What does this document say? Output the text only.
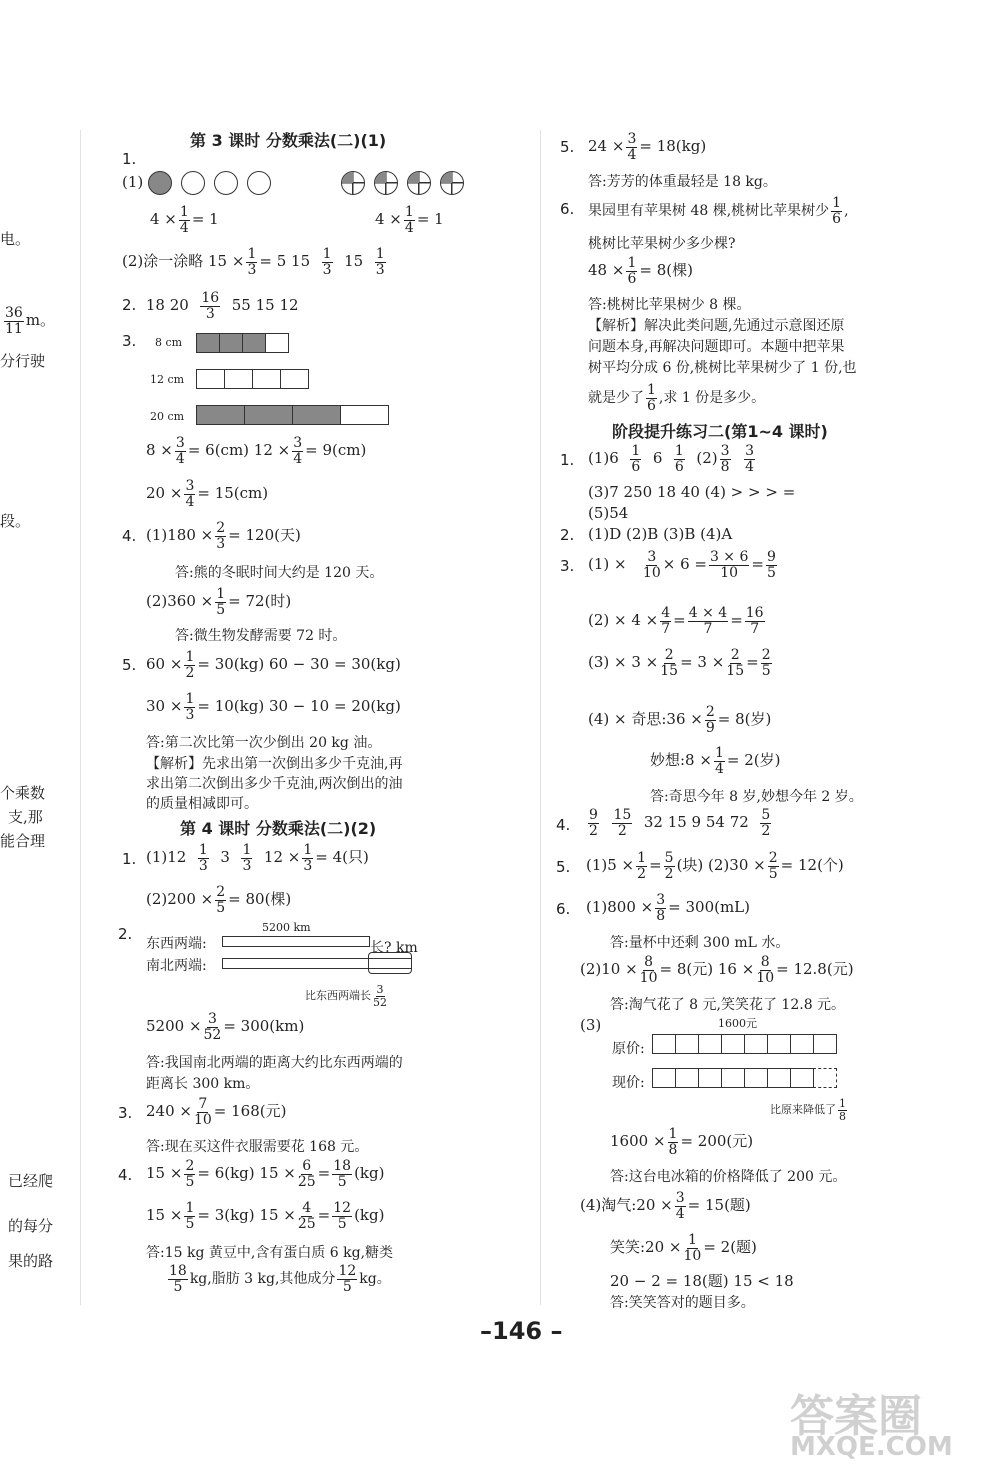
电。
$\frac{36}{11}$ m。
分行驶
段。
个乘数
支,那
能合理
已经爬
的每分
果的路
第 3 课时 分数乘法(二)(1)
1.
(1)
$4 \times \frac{1}{4} = 1$	$4 \times \frac{1}{4} = 1$
(2)涂一涂略 $15 \times \frac{1}{3} = 5$ $15 \frac{1}{3} 15 \frac{1}{3}$
2. 18 $20 \frac{16}{3} 55$ 15 12
3. 8 cm
12 cm
20 cm
$8 \times \frac{3}{4} = 6(cm) 12 \times \frac{3}{4} = 9(cm)$
$20 \times \frac{3}{4} = 15(cm)$
4. $(1)180 \times \frac{2}{3} = 120$(天)
答:熊的冬眠时间大约是 120 天。
$(2)360 \times \frac{1}{5} = 72$(时)
答:微生物发酵需要 72 时。
5. $60 \times \frac{1}{2} = 30(kg) 60 - 30 = 30(kg)$
$30 \times \frac{1}{3} = 10(kg) 30 - 10 = 20(kg)$
答:第二次比第一次少倒出 20 kg 油。
【解析】先求出第一次倒出多少千克油,再
求出第二次倒出多少千克油,两次倒出的油
的质量相减即可。
第 4 课时 分数乘法(二)(2)
1. $(1)12 \frac{1}{3} 3 \frac{1}{3} 12 \times \frac{1}{3} = 4$(只)
$(2)200 \times \frac{2}{5} = 80$(棵)
2.	5200 km
东西两端:	长? km
南北两端:
比东西两端长 $\frac{3}{52}$
$5200 \times \frac{3}{52} = 300(km)$
答:我国南北两端的距离大约比东西两端的
距离长 300 km。
3. $240 \times \frac{7}{10} = 168$(元)
答:现在买这件衣服需要花 168 元。
4. $15 \times \frac{2}{5} = 6(kg) 15 \times \frac{6}{25} = \frac{18}{5} (kg)$
$15 \times \frac{1}{5} = 3(kg) 15 \times \frac{4}{25} = \frac{12}{5} (kg)$
答:15 kg 黄豆中,含有蛋白质 6 kg,糖类
$\frac{18}{5}$ kg,脂肪 3 kg,其他成分 $\frac{12}{5}$ kg。
5. $24 \times \frac{3}{4} = 18(kg)$
答:芳芳的体重最轻是 18 kg。
6. 果园里有苹果树 48 棵,桃树比苹果树少 $\frac{1}{6}$ ,
桃树比苹果树少多少棵?
$48 \times \frac{1}{6} = 8$(棵)
答:桃树比苹果树少 8 棵。
【解析】解决此类问题,先通过示意图还原
问题本身,再解决问题即可。本题中把苹果
树平均分成 6 份,桃树比苹果树少了 1 份,也
就是少了 $\frac{1}{6}$ ,求 1 份是多少。
阶段提升练习二(第1~4 课时)
1. $(1)6 \frac{1}{6} 6 \frac{1}{6} (2) \frac{3}{8}$
$\frac{3}{4}$
(3)7 250 18 40 (4) > > > =
(5)54
2. (1)D (2)B (3)B (4)A
3. $(1) \times \frac{3}{10} \times 6 = \frac{3 \times 6}{10} = \frac{9}{5}$
$(2) \times 4 \times \frac{4}{7} = \frac{4 \times 4}{7} = \frac{16}{7}$
$(3) \times 3 \times \frac{2}{15} = 3 \times \frac{2}{15} = \frac{2}{5}$
(4) × 奇思:36 × $\frac{2}{9} = 8$(岁)
妙想:8 × $\frac{1}{4} = 2$(岁)
答:奇思今年 8 岁,妙想今年 2 岁。
4. $\frac{9}{2}$
$\frac{15}{2} 32$ 15 9 54 $72 \frac{5}{2}$
5. $(1)5 \times \frac{1}{2} = \frac{5}{2}$ (块) $(2)30 \times \frac{2}{5} = 12$(个)
6. $(1)800 \times \frac{3}{8} = 300(mL)$
答:量杯中还剩 300 mL 水。
$(2)10 \times \frac{8}{10} = 8$(元) $16 \times \frac{8}{10} = 12.8$(元)
答:淘气花了 8 元,笑笑花了 12.8 元。
(3)	1600元
原价:
现价:
比原来降低了 $\frac{1}{8}$
$1600 \times \frac{1}{8} = 200$(元)
答:这台电冰箱的价格降低了 200 元。
(4)淘气:20 × $\frac{3}{4} = 15$(题)
笑笑:20 × $\frac{1}{10} = 2$(题)
20 − 2 = 18(题) 15 < 18
答:笑笑答对的题目多。
–146 –
答案圈
MXQE.COM
